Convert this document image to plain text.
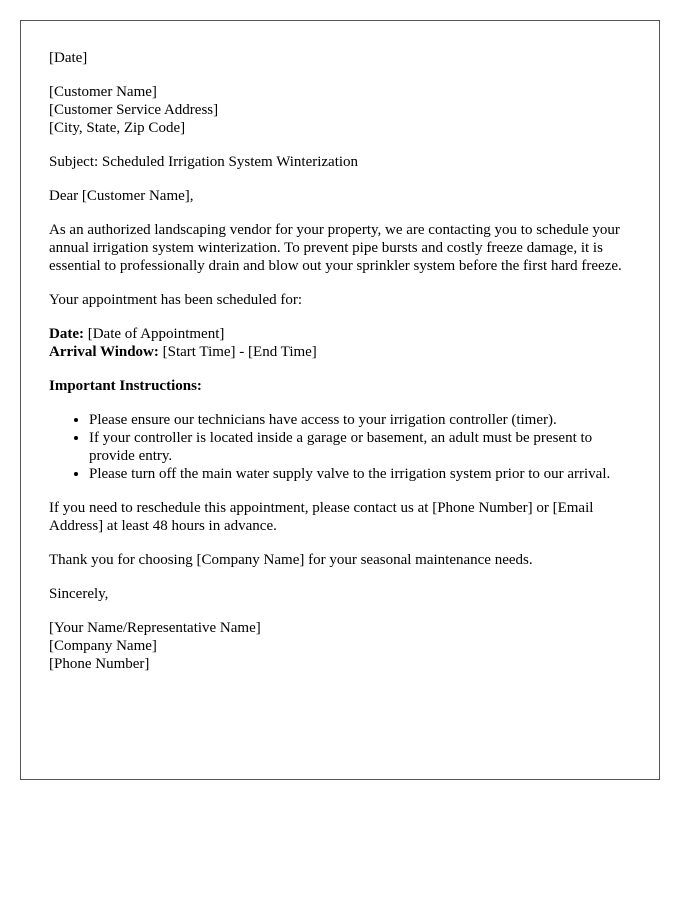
[Date]

[Customer Name]
[Customer Service Address]
[City, State, Zip Code]

Subject: Scheduled Irrigation System Winterization

Dear [Customer Name],

As an authorized landscaping vendor for your property, we are contacting you to schedule your annual irrigation system winterization. To prevent pipe bursts and costly freeze damage, it is essential to professionally drain and blow out your sprinkler system before the first hard freeze.

Your appointment has been scheduled for:

Date: [Date of Appointment]
Arrival Window: [Start Time] - [End Time]

Important Instructions:

• Please ensure our technicians have access to your irrigation controller (timer).
• If your controller is located inside a garage or basement, an adult must be present to provide entry.
• Please turn off the main water supply valve to the irrigation system prior to our arrival.

If you need to reschedule this appointment, please contact us at [Phone Number] or [Email Address] at least 48 hours in advance.

Thank you for choosing [Company Name] for your seasonal maintenance needs.

Sincerely,

[Your Name/Representative Name]
[Company Name]
[Phone Number]
